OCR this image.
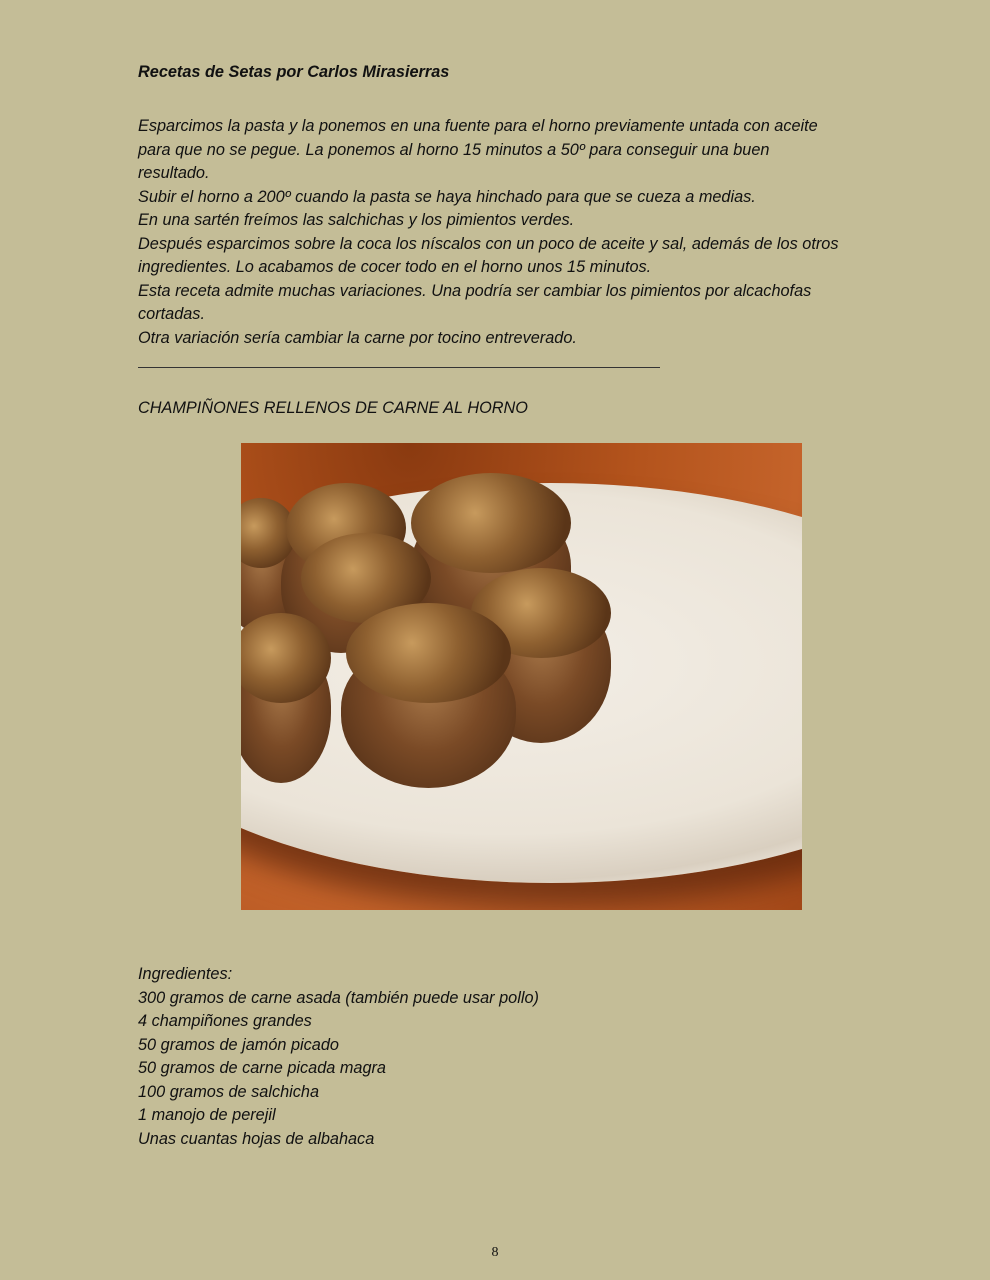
Recetas de Setas por Carlos Mirasierras
Esparcimos la pasta y la ponemos en una fuente para el horno previamente untada con aceite
para que no se pegue. La ponemos al horno 15 minutos a 50º para conseguir una buen
resultado.
Subir el horno a 200º cuando la pasta se haya hinchado para que se cueza a medias.
En una sartén freímos las salchichas y los pimientos verdes.
Después esparcimos sobre la coca los níscalos con un poco de aceite y sal, además de los otros
ingredientes. Lo acabamos de cocer todo en el horno unos 15 minutos.
Esta receta admite muchas variaciones. Una podría ser cambiar los pimientos por alcachofas
cortadas.
Otra variación sería cambiar la carne por tocino entreverado.
CHAMPIÑONES RELLENOS DE CARNE AL HORNO
Ingredientes:
300 gramos de carne asada (también puede usar pollo)
4 champiñones grandes
50 gramos de jamón picado
50 gramos de carne picada magra
100 gramos de salchicha
1 manojo de perejil
Unas cuantas hojas de albahaca
8
